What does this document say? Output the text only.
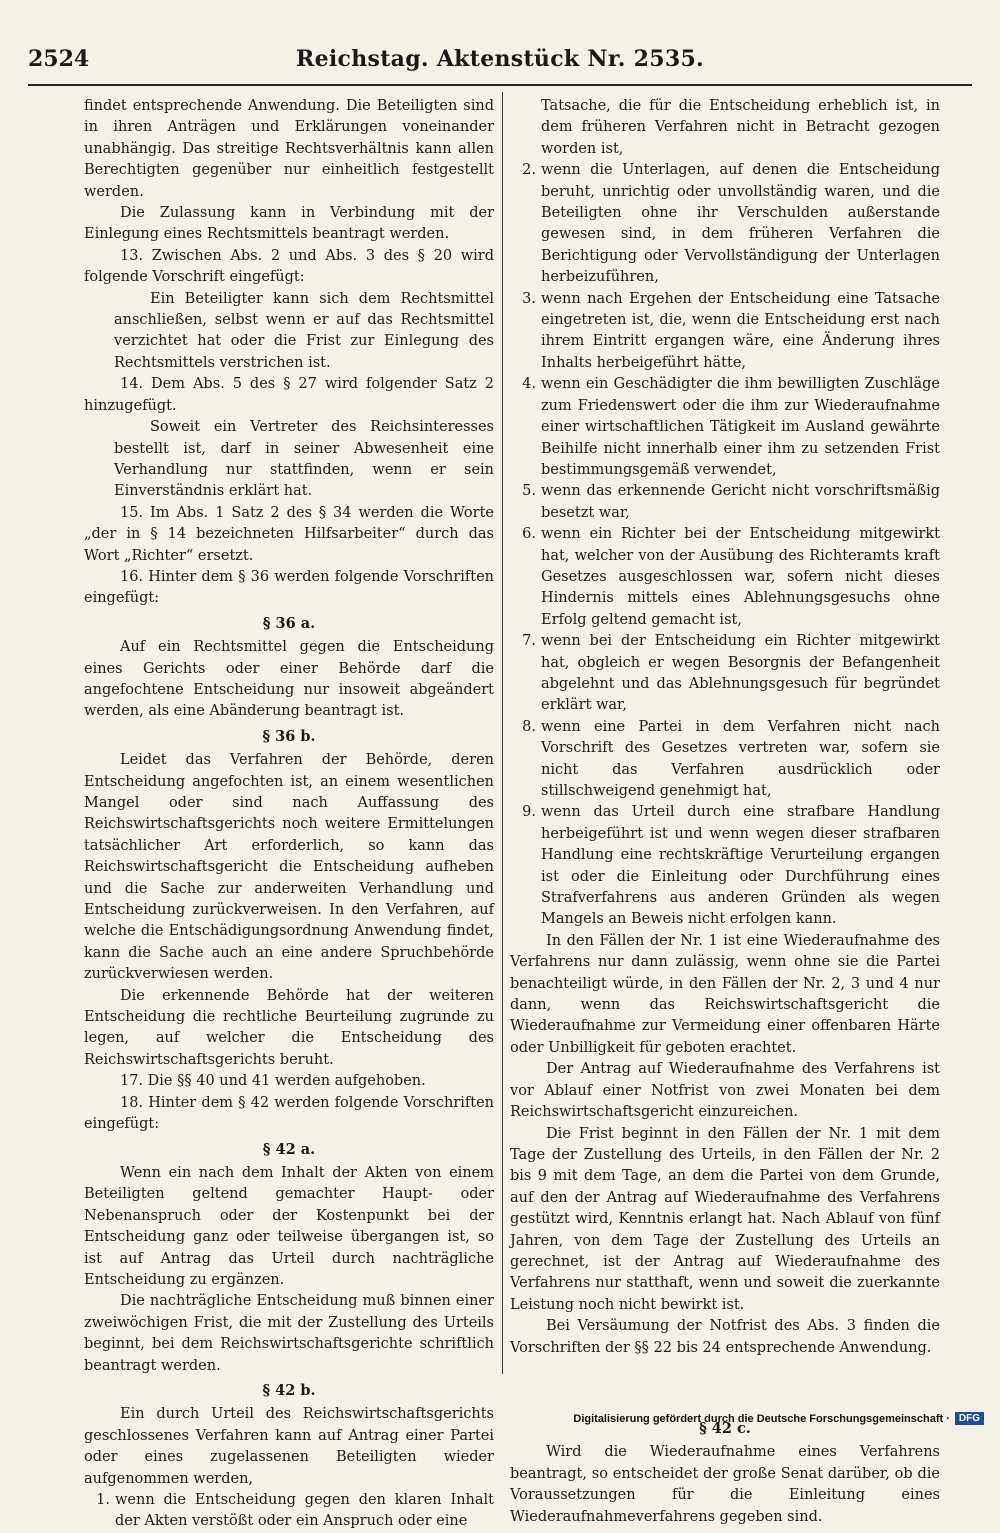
Reichstag. Aktenstück Nr. 2535.
2524

findet entsprechende Anwendung. Die Beteiligten sind in ihren Anträgen und Erklärungen voneinander unabhängig. Das streitige Rechtsverhältnis kann allen Berechtigten gegenüber nur einheitlich festgestellt werden.

Die Zulassung kann in Verbindung mit der Einlegung eines Rechtsmittels beantragt werden.

13. Zwischen Abs. 2 und Abs. 3 des § 20 wird folgende Vorschrift eingefügt:

Ein Beteiligter kann sich dem Rechtsmittel anschließen, selbst wenn er auf das Rechtsmittel verzichtet hat oder die Frist zur Einlegung des Rechtsmittels verstrichen ist.

14. Dem Abs. 5 des § 27 wird folgender Satz 2 hinzugefügt.

Soweit ein Vertreter des Reichsinteresses bestellt ist, darf in seiner Abwesenheit eine Verhandlung nur stattfinden, wenn er sein Einverständnis erklärt hat.

15. Im Abs. 1 Satz 2 des § 34 werden die Worte „der in § 14 bezeichneten Hilfsarbeiter“ durch das Wort „Richter“ ersetzt.

16. Hinter dem § 36 werden folgende Vorschriften eingefügt:

§ 36 a.

Auf ein Rechtsmittel gegen die Entscheidung eines Gerichts oder einer Behörde darf die angefochtene Entscheidung nur insoweit abgeändert werden, als eine Abänderung beantragt ist.

§ 36 b.

Leidet das Verfahren der Behörde, deren Entscheidung angefochten ist, an einem wesentlichen Mangel oder sind nach Auffassung des Reichswirtschaftsgerichts noch weitere Ermittelungen tatsächlicher Art erforderlich, so kann das Reichswirtschaftsgericht die Entscheidung aufheben und die Sache zur anderweiten Verhandlung und Entscheidung zurückverweisen. In den Verfahren, auf welche die Entschädigungsordnung Anwendung findet, kann die Sache auch an eine andere Spruchbehörde zurückverwiesen werden.

Die erkennende Behörde hat der weiteren Entscheidung die rechtliche Beurteilung zugrunde zu legen, auf welcher die Entscheidung des Reichswirtschaftsgerichts beruht.

17. Die §§ 40 und 41 werden aufgehoben.

18. Hinter dem § 42 werden folgende Vorschriften eingefügt:

§ 42 a.

Wenn ein nach dem Inhalt der Akten von einem Beteiligten geltend gemachter Haupt- oder Nebenanspruch oder der Kostenpunkt bei der Entscheidung ganz oder teilweise übergangen ist, so ist auf Antrag das Urteil durch nachträgliche Entscheidung zu ergänzen.

Die nachträgliche Entscheidung muß binnen einer zweiwöchigen Frist, die mit der Zustellung des Urteils beginnt, bei dem Reichswirtschaftsgerichte schriftlich beantragt werden.

§ 42 b.

Ein durch Urteil des Reichswirtschaftsgerichts geschlossenes Verfahren kann auf Antrag einer Partei oder eines zugelassenen Beteiligten wieder aufgenommen werden,

1. wenn die Entscheidung gegen den klaren Inhalt der Akten verstößt oder ein Anspruch oder eine

Tatsache, die für die Entscheidung erheblich ist, in dem früheren Verfahren nicht in Betracht gezogen worden ist,

2. wenn die Unterlagen, auf denen die Entscheidung beruht, unrichtig oder unvollständig waren, und die Beteiligten ohne ihr Verschulden außerstande gewesen sind, in dem früheren Verfahren die Berichtigung oder Vervollständigung der Unterlagen herbeizuführen,
3. wenn nach Ergehen der Entscheidung eine Tatsache eingetreten ist, die, wenn die Entscheidung erst nach ihrem Eintritt ergangen wäre, eine Änderung ihres Inhalts herbeigeführt hätte,
4. wenn ein Geschädigter die ihm bewilligten Zuschläge zum Friedenswert oder die ihm zur Wiederaufnahme einer wirtschaftlichen Tätigkeit im Ausland gewährte Beihilfe nicht innerhalb einer ihm zu setzenden Frist bestimmungsgemäß verwendet,
5. wenn das erkennende Gericht nicht vorschriftsmäßig besetzt war,
6. wenn ein Richter bei der Entscheidung mitgewirkt hat, welcher von der Ausübung des Richteramts kraft Gesetzes ausgeschlossen war, sofern nicht dieses Hindernis mittels eines Ablehnungsgesuchs ohne Erfolg geltend gemacht ist,
7. wenn bei der Entscheidung ein Richter mitgewirkt hat, obgleich er wegen Besorgnis der Befangenheit abgelehnt und das Ablehnungsgesuch für begründet erklärt war,
8. wenn eine Partei in dem Verfahren nicht nach Vorschrift des Gesetzes vertreten war, sofern sie nicht das Verfahren ausdrücklich oder stillschweigend genehmigt hat,
9. wenn das Urteil durch eine strafbare Handlung herbeigeführt ist und wenn wegen dieser strafbaren Handlung eine rechtskräftige Verurteilung ergangen ist oder die Einleitung oder Durchführung eines Strafverfahrens aus anderen Gründen als wegen Mangels an Beweis nicht erfolgen kann.

In den Fällen der Nr. 1 ist eine Wiederaufnahme des Verfahrens nur dann zulässig, wenn ohne sie die Partei benachteiligt würde, in den Fällen der Nr. 2, 3 und 4 nur dann, wenn das Reichswirtschaftsgericht die Wiederaufnahme zur Vermeidung einer offenbaren Härte oder Unbilligkeit für geboten erachtet.

Der Antrag auf Wiederaufnahme des Verfahrens ist vor Ablauf einer Notfrist von zwei Monaten bei dem Reichswirtschaftsgericht einzureichen.

Die Frist beginnt in den Fällen der Nr. 1 mit dem Tage der Zustellung des Urteils, in den Fällen der Nr. 2 bis 9 mit dem Tage, an dem die Partei von dem Grunde, auf den der Antrag auf Wiederaufnahme des Verfahrens gestützt wird, Kenntnis erlangt hat. Nach Ablauf von fünf Jahren, von dem Tage der Zustellung des Urteils an gerechnet, ist der Antrag auf Wiederaufnahme des Verfahrens nur statthaft, wenn und soweit die zuerkannte Leistung noch nicht bewirkt ist.

Bei Versäumung der Notfrist des Abs. 3 finden die Vorschriften der §§ 22 bis 24 entsprechende Anwendung.

§ 42 c.

Wird die Wiederaufnahme eines Verfahrens beantragt, so entscheidet der große Senat darüber, ob die Voraussetzungen für die Einleitung eines Wiederaufnahmeverfahrens gegeben sind.

Digitalisierung gefördert durch die Deutsche Forschungsgemeinschaft · DFG
